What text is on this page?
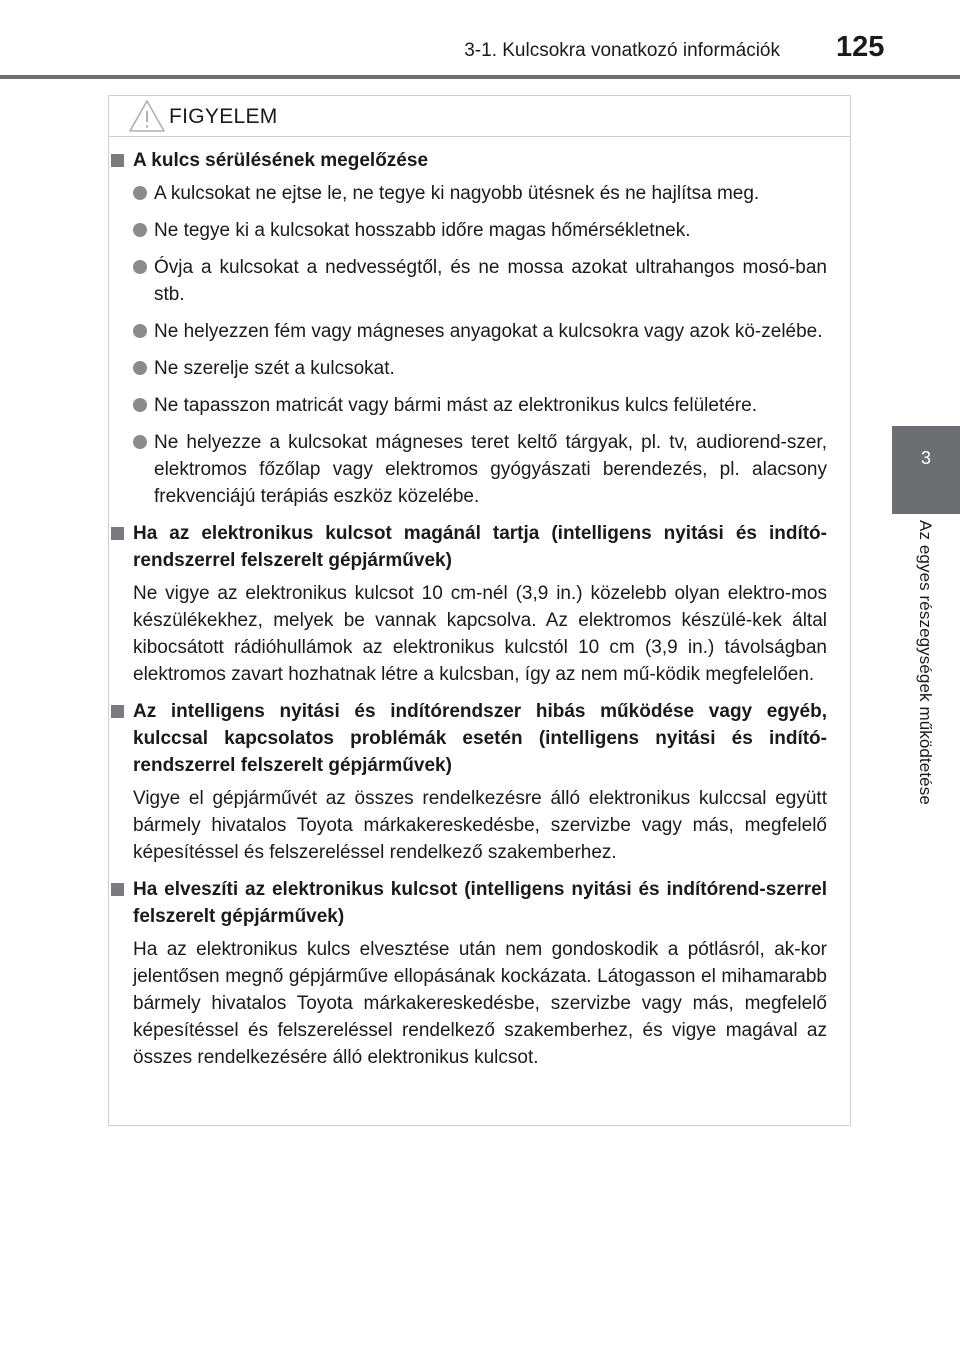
3-1. Kulcsokra vonatkozó információk 125
3
Az egyes részegységek működtetése
FIGYELEM
A kulcs sérülésének megelőzése
A kulcsokat ne ejtse le, ne tegye ki nagyobb ütésnek és ne hajlítsa meg.
Ne tegye ki a kulcsokat hosszabb időre magas hőmérsékletnek.
Óvja a kulcsokat a nedvességtől, és ne mossa azokat ultrahangos mosó-ban stb.
Ne helyezzen fém vagy mágneses anyagokat a kulcsokra vagy azok kö-zelébe.
Ne szerelje szét a kulcsokat.
Ne tapasszon matricát vagy bármi mást az elektronikus kulcs felületére.
Ne helyezze a kulcsokat mágneses teret keltő tárgyak, pl. tv, audiorend-szer, elektromos főzőlap vagy elektromos gyógyászati berendezés, pl. alacsony frekvenciájú terápiás eszköz közelébe.
Ha az elektronikus kulcsot magánál tartja (intelligens nyitási és indító-rendszerrel felszerelt gépjárművek)

Ne vigye az elektronikus kulcsot 10 cm-nél (3,9 in.) közelebb olyan elektro-mos készülékekhez, melyek be vannak kapcsolva. Az elektromos készülé-kek által kibocsátott rádióhullámok az elektronikus kulcstól 10 cm (3,9 in.) távolságban elektromos zavart hozhatnak létre a kulcsban, így az nem mű-ködik megfelelően.

Az intelligens nyitási és indítórendszer hibás működése vagy egyéb, kulccsal kapcsolatos problémák esetén (intelligens nyitási és indító-rendszerrel felszerelt gépjárművek)

Vigye el gépjárművét az összes rendelkezésre álló elektronikus kulccsal együtt bármely hivatalos Toyota márkakereskedésbe, szervizbe vagy más, megfelelő képesítéssel és felszereléssel rendelkező szakemberhez.

Ha elveszíti az elektronikus kulcsot (intelligens nyitási és indítórend-szerrel felszerelt gépjárművek)

Ha az elektronikus kulcs elvesztése után nem gondoskodik a pótlásról, ak-kor jelentősen megnő gépjárműve ellopásának kockázata. Látogasson el mihamarabb bármely hivatalos Toyota márkakereskedésbe, szervizbe vagy más, megfelelő képesítéssel és felszereléssel rendelkező szakemberhez, és vigye magával az összes rendelkezésére álló elektronikus kulcsot.
